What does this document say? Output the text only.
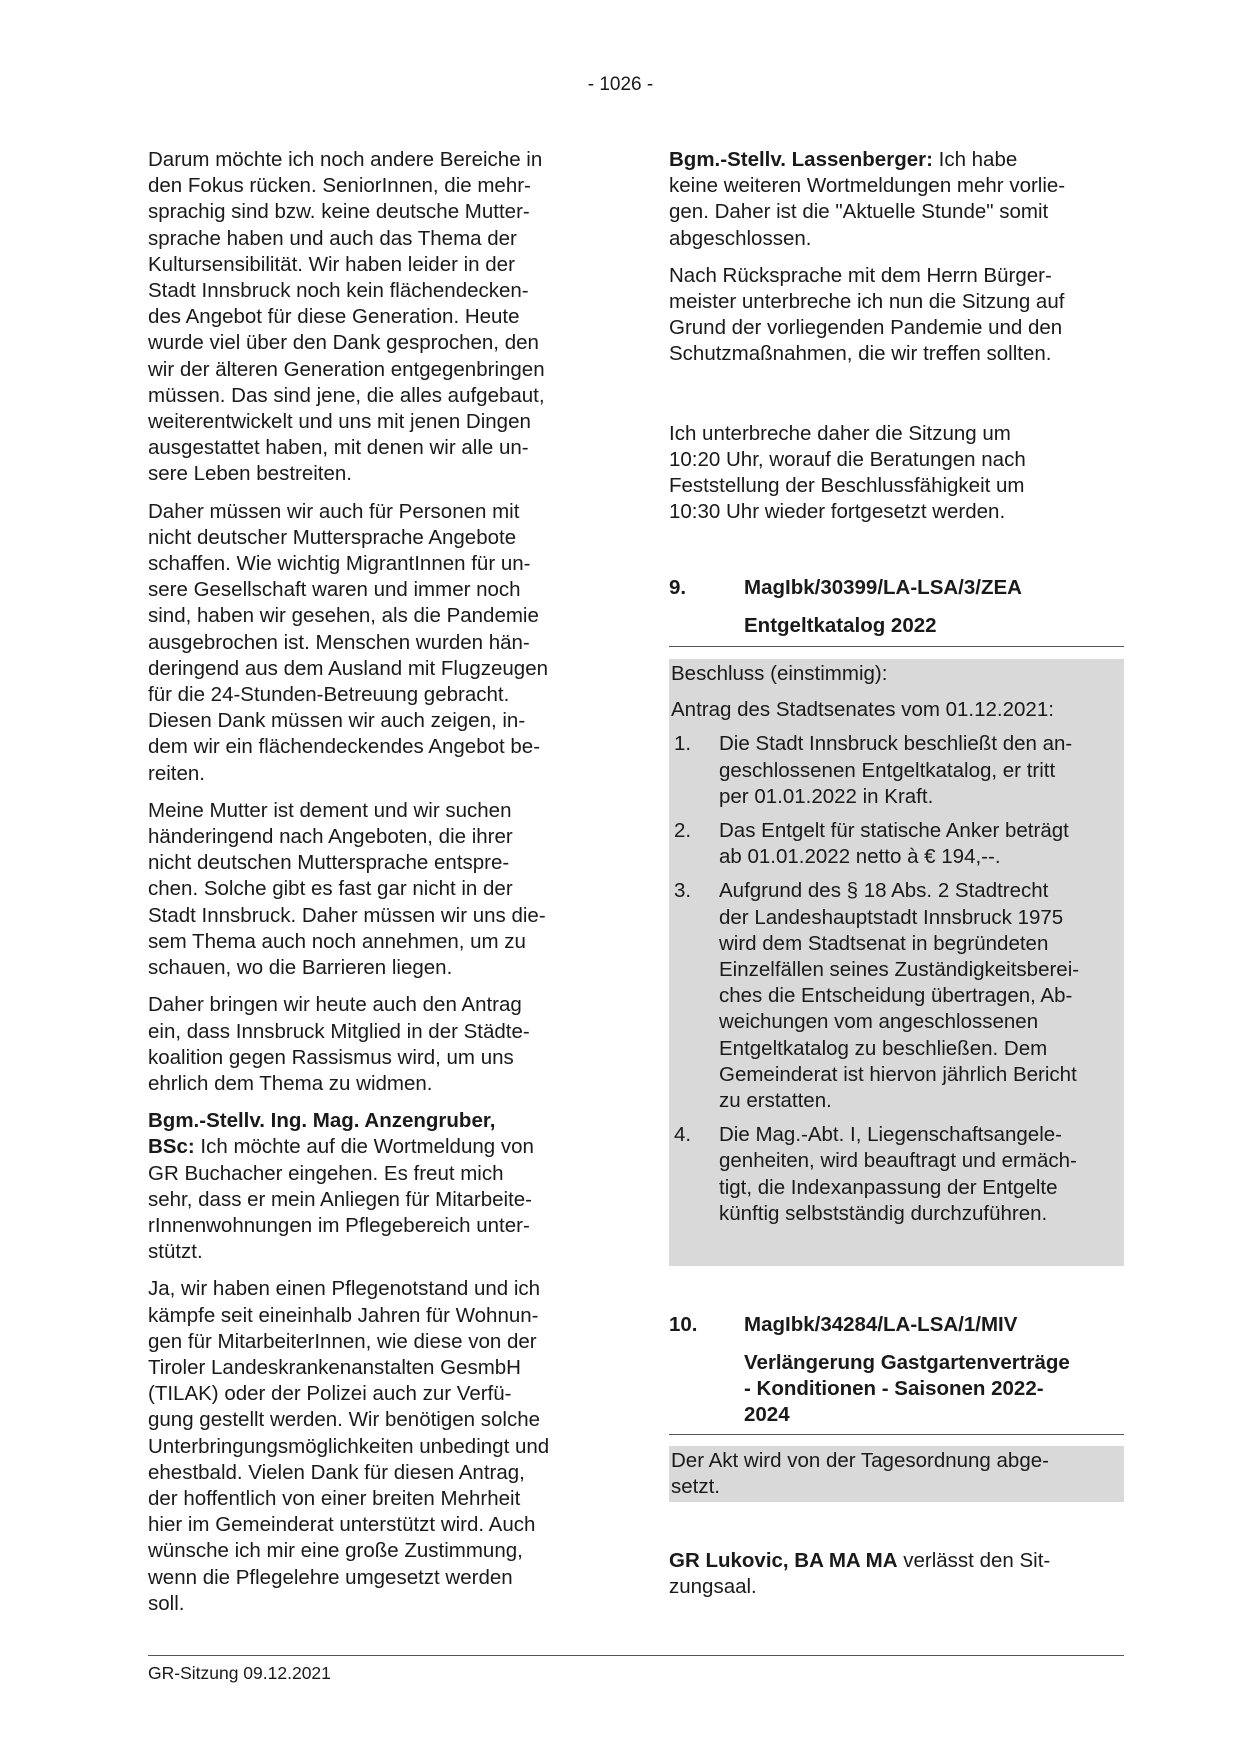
- 1026 -

Darum möchte ich noch andere Bereiche in
den Fokus rücken. SeniorInnen, die mehr-
sprachig sind bzw. keine deutsche Mutter-
sprache haben und auch das Thema der
Kultursensibilität. Wir haben leider in der
Stadt Innsbruck noch kein flächendecken-
des Angebot für diese Generation. Heute
wurde viel über den Dank gesprochen, den
wir der älteren Generation entgegenbringen
müssen. Das sind jene, die alles aufgebaut,
weiterentwickelt und uns mit jenen Dingen
ausgestattet haben, mit denen wir alle un-
sere Leben bestreiten.

Daher müssen wir auch für Personen mit
nicht deutscher Muttersprache Angebote
schaffen. Wie wichtig MigrantInnen für un-
sere Gesellschaft waren und immer noch
sind, haben wir gesehen, als die Pandemie
ausgebrochen ist. Menschen wurden hän-
deringend aus dem Ausland mit Flugzeugen
für die 24-Stunden-Betreuung gebracht.
Diesen Dank müssen wir auch zeigen, in-
dem wir ein flächendeckendes Angebot be-
reiten.

Meine Mutter ist dement und wir suchen
händeringend nach Angeboten, die ihrer
nicht deutschen Muttersprache entspre-
chen. Solche gibt es fast gar nicht in der
Stadt Innsbruck. Daher müssen wir uns die-
sem Thema auch noch annehmen, um zu
schauen, wo die Barrieren liegen.

Daher bringen wir heute auch den Antrag
ein, dass Innsbruck Mitglied in der Städte-
koalition gegen Rassismus wird, um uns
ehrlich dem Thema zu widmen.

Bgm.-Stellv. Ing. Mag. Anzengruber,
BSc: Ich möchte auf die Wortmeldung von
GR Buchacher eingehen. Es freut mich
sehr, dass er mein Anliegen für Mitarbeite-
rInnenwohnungen im Pflegebereich unter-
stützt.

Ja, wir haben einen Pflegenotstand und ich
kämpfe seit eineinhalb Jahren für Wohnun-
gen für MitarbeiterInnen, wie diese von der
Tiroler Landeskrankenanstalten GesmbH
(TILAK) oder der Polizei auch zur Verfü-
gung gestellt werden. Wir benötigen solche
Unterbringungsmöglichkeiten unbedingt und
ehestbald. Vielen Dank für diesen Antrag,
der hoffentlich von einer breiten Mehrheit
hier im Gemeinderat unterstützt wird. Auch
wünsche ich mir eine große Zustimmung,
wenn die Pflegelehre umgesetzt werden
soll.

Bgm.-Stellv. Lassenberger: Ich habe
keine weiteren Wortmeldungen mehr vorlie-
gen. Daher ist die "Aktuelle Stunde" somit
abgeschlossen.

Nach Rücksprache mit dem Herrn Bürger-
meister unterbreche ich nun die Sitzung auf
Grund der vorliegenden Pandemie und den
Schutzmaßnahmen, die wir treffen sollten.

Ich unterbreche daher die Sitzung um
10:20 Uhr, worauf die Beratungen nach
Feststellung der Beschlussfähigkeit um
10:30 Uhr wieder fortgesetzt werden.

9.	MagIbk/30399/LA-LSA/3/ZEA
Entgeltkatalog 2022

Beschluss (einstimmig):

Antrag des Stadtsenates vom 01.12.2021:

1. Die Stadt Innsbruck beschließt den an-
geschlossenen Entgeltkatalog, er tritt
per 01.01.2022 in Kraft.
2. Das Entgelt für statische Anker beträgt
ab 01.01.2022 netto à € 194,--.
3. Aufgrund des § 18 Abs. 2 Stadtrecht
der Landeshauptstadt Innsbruck 1975
wird dem Stadtsenat in begründeten
Einzelfällen seines Zuständigkeitsberei-
ches die Entscheidung übertragen, Ab-
weichungen vom angeschlossenen
Entgeltkatalog zu beschließen. Dem
Gemeinderat ist hiervon jährlich Bericht
zu erstatten.
4. Die Mag.-Abt. I, Liegenschaftsangele-
genheiten, wird beauftragt und ermäch-
tigt, die Indexanpassung der Entgelte
künftig selbstständig durchzuführen.
10. MagIbk/34284/LA-LSA/1/MIV
Verlängerung Gastgartenverträge
- Konditionen - Saisonen 2022-
2024

Der Akt wird von der Tagesordnung abge-
setzt.

GR Lukovic, BA MA MA verlässt den Sit-
zungsaal.

GR-Sitzung 09.12.2021
